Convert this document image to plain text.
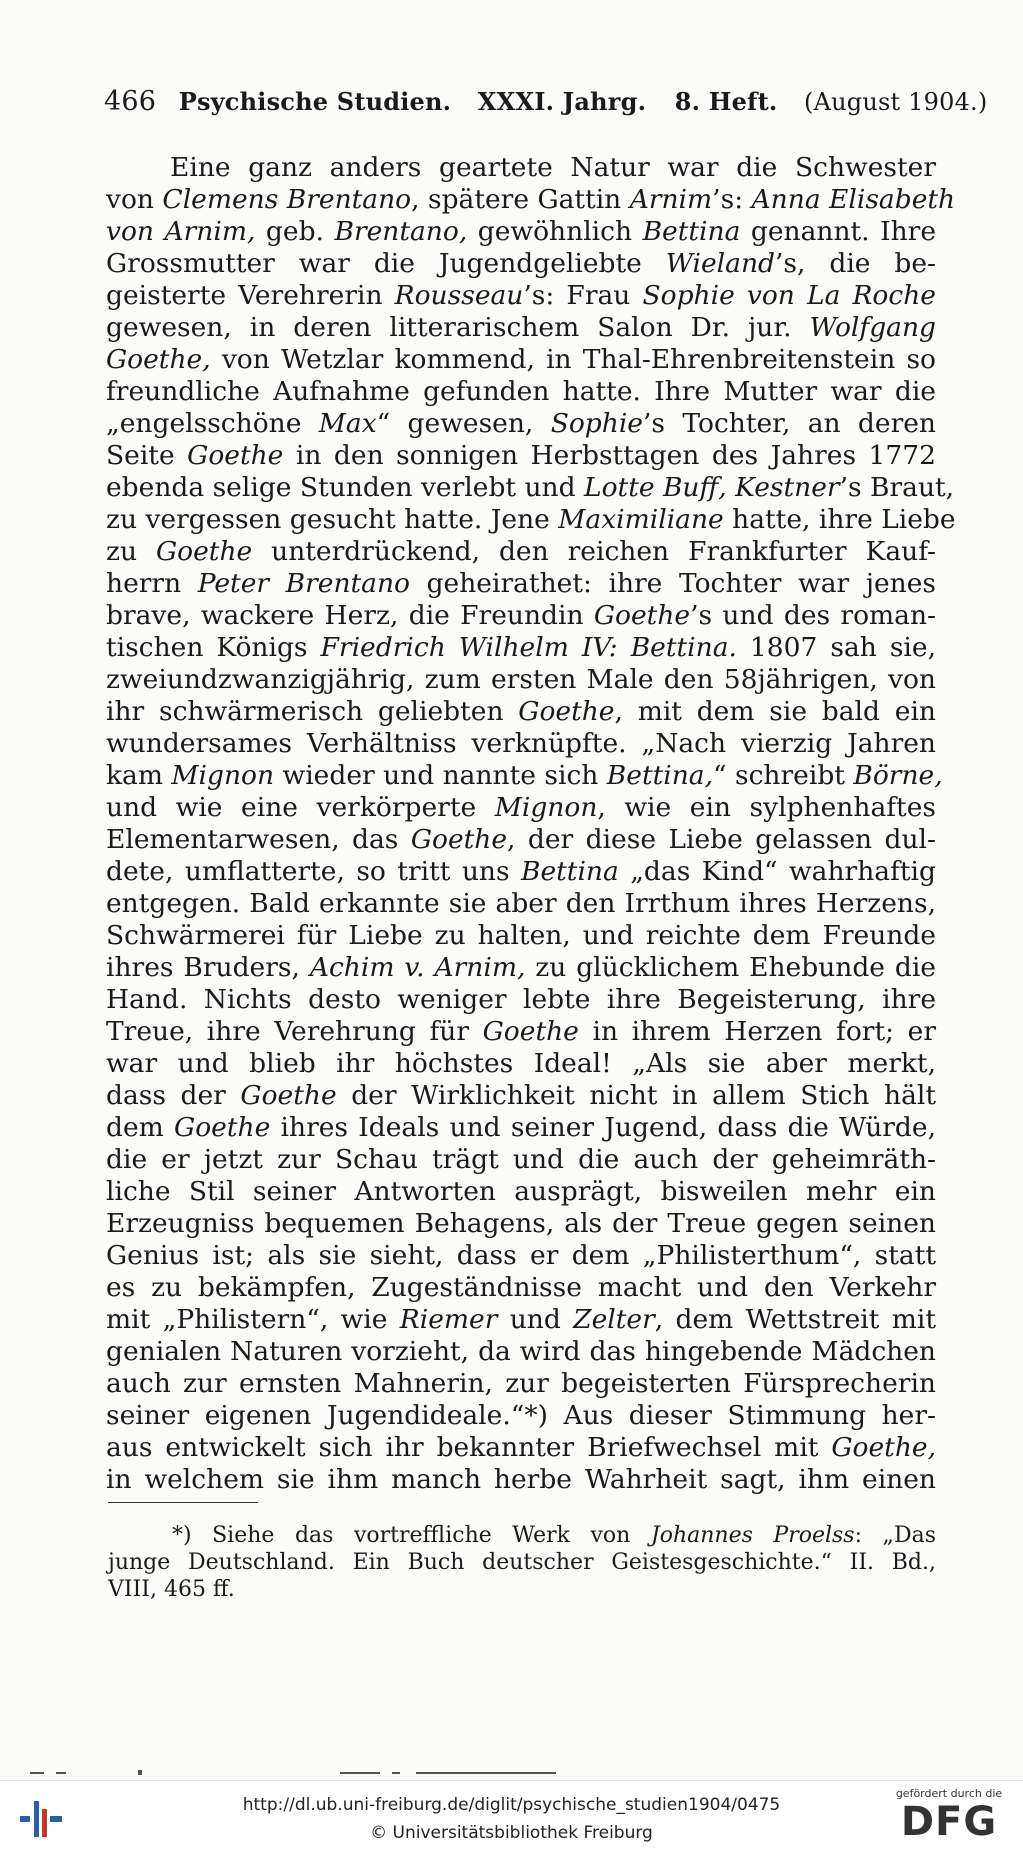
466 Psychische Studien. XXXI. Jahrg. 8. Heft. (August 1904.)
Eine ganz anders geartete Natur war die Schwester
von Clemens Brentano, spätere Gattin Arnim’s: Anna Elisabeth
von Arnim, geb. Brentano, gewöhnlich Bettina genannt. Ihre
Grossmutter war die Jugendgeliebte Wieland’s, die be-
geisterte Verehrerin Rousseau’s: Frau Sophie von La Roche
gewesen, in deren litterarischem Salon Dr. jur. Wolfgang
Goethe, von Wetzlar kommend, in Thal-Ehrenbreitenstein so
freundliche Aufnahme gefunden hatte. Ihre Mutter war die
„engelsschöne Max“ gewesen, Sophie’s Tochter, an deren
Seite Goethe in den sonnigen Herbsttagen des Jahres 1772
ebenda selige Stunden verlebt und Lotte Buff, Kestner’s Braut,
zu vergessen gesucht hatte. Jene Maximiliane hatte, ihre Liebe
zu Goethe unterdrückend, den reichen Frankfurter Kauf-
herrn Peter Brentano geheirathet: ihre Tochter war jenes
brave, wackere Herz, die Freundin Goethe’s und des roman-
tischen Königs Friedrich Wilhelm IV: Bettina. 1807 sah sie,
zweiundzwanzigjährig, zum ersten Male den 58jährigen, von
ihr schwärmerisch geliebten Goethe, mit dem sie bald ein
wundersames Verhältniss verknüpfte. „Nach vierzig Jahren
kam Mignon wieder und nannte sich Bettina,“ schreibt Börne,
und wie eine verkörperte Mignon, wie ein sylphenhaftes
Elementarwesen, das Goethe, der diese Liebe gelassen dul-
dete, umflatterte, so tritt uns Bettina „das Kind“ wahrhaftig
entgegen. Bald erkannte sie aber den Irrthum ihres Herzens,
Schwärmerei für Liebe zu halten, und reichte dem Freunde
ihres Bruders, Achim v. Arnim, zu glücklichem Ehebunde die
Hand. Nichts desto weniger lebte ihre Begeisterung, ihre
Treue, ihre Verehrung für Goethe in ihrem Herzen fort; er
war und blieb ihr höchstes Ideal! „Als sie aber merkt,
dass der Goethe der Wirklichkeit nicht in allem Stich hält
dem Goethe ihres Ideals und seiner Jugend, dass die Würde,
die er jetzt zur Schau trägt und die auch der geheimräth-
liche Stil seiner Antworten ausprägt, bisweilen mehr ein
Erzeugniss bequemen Behagens, als der Treue gegen seinen
Genius ist; als sie sieht, dass er dem „Philisterthum“, statt
es zu bekämpfen, Zugeständnisse macht und den Verkehr
mit „Philistern“, wie Riemer und Zelter, dem Wettstreit mit
genialen Naturen vorzieht, da wird das hingebende Mädchen
auch zur ernsten Mahnerin, zur begeisterten Fürsprecherin
seiner eigenen Jugendideale.“*) Aus dieser Stimmung her-
aus entwickelt sich ihr bekannter Briefwechsel mit Goethe,
in welchem sie ihm manch herbe Wahrheit sagt, ihm einen
*) Siehe das vortreffliche Werk von Johannes Proelss: „Das
junge Deutschland. Ein Buch deutscher Geistesgeschichte.“ II. Bd.,
VIII, 465 ff.
http://dl.ub.uni-freiburg.de/diglit/psychische_studien1904/0475
© Universitätsbibliothek Freiburg
gefördert durch die
DFG
